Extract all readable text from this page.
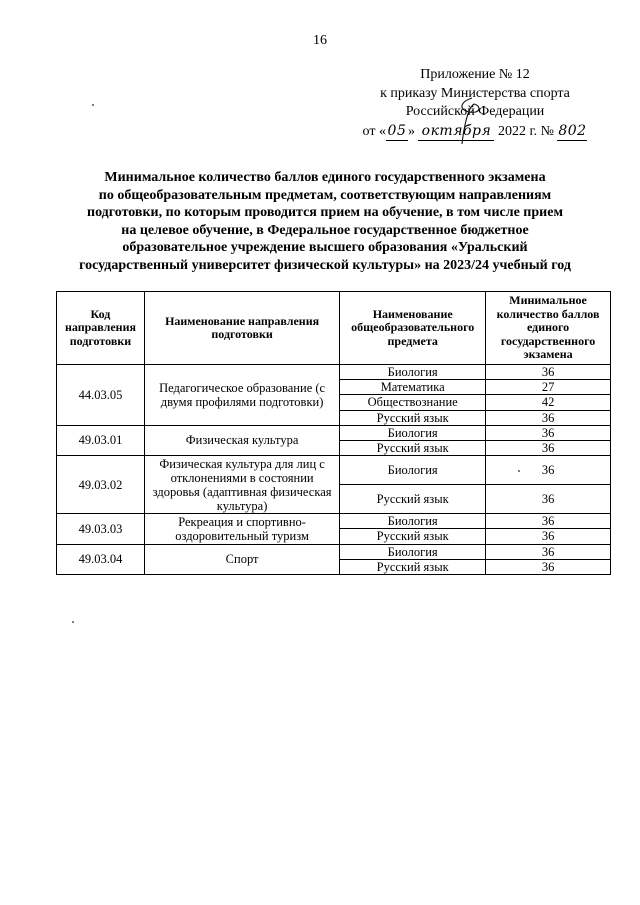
16
Приложение № 12
к приказу Министерства спорта
Российской Федерации
от « 05 » октября 2022 г. № 802
Минимальное количество баллов единого государственного экзамена
по общеобразовательным предметам, соответствующим направлениям
подготовки, по которым проводится прием на обучение, в том числе прием
на целевое обучение, в Федеральное государственное бюджетное
образовательное учреждение высшего образования «Уральский
государственный университет физической культуры» на 2023/24 учебный год
Код направления подготовки	Наименование направления подготовки	Наименование общеобразовательного предмета	Минимальное количество баллов единого государственного экзамена
44.03.05	Педагогическое образование (с двумя профилями подготовки)	Биология	36
		Математика	27
		Обществознание	42
		Русский язык	36
49.03.01	Физическая культура	Биология	36
		Русский язык	36
49.03.02	Физическая культура для лиц с отклонениями в состоянии здоровья (адаптивная физическая культура)	Биология	36
		Русский язык	36
49.03.03	Рекреация и спортивно-оздоровительный туризм	Биология	36
		Русский язык	36
49.03.04	Спорт	Биология	36
		Русский язык	36
